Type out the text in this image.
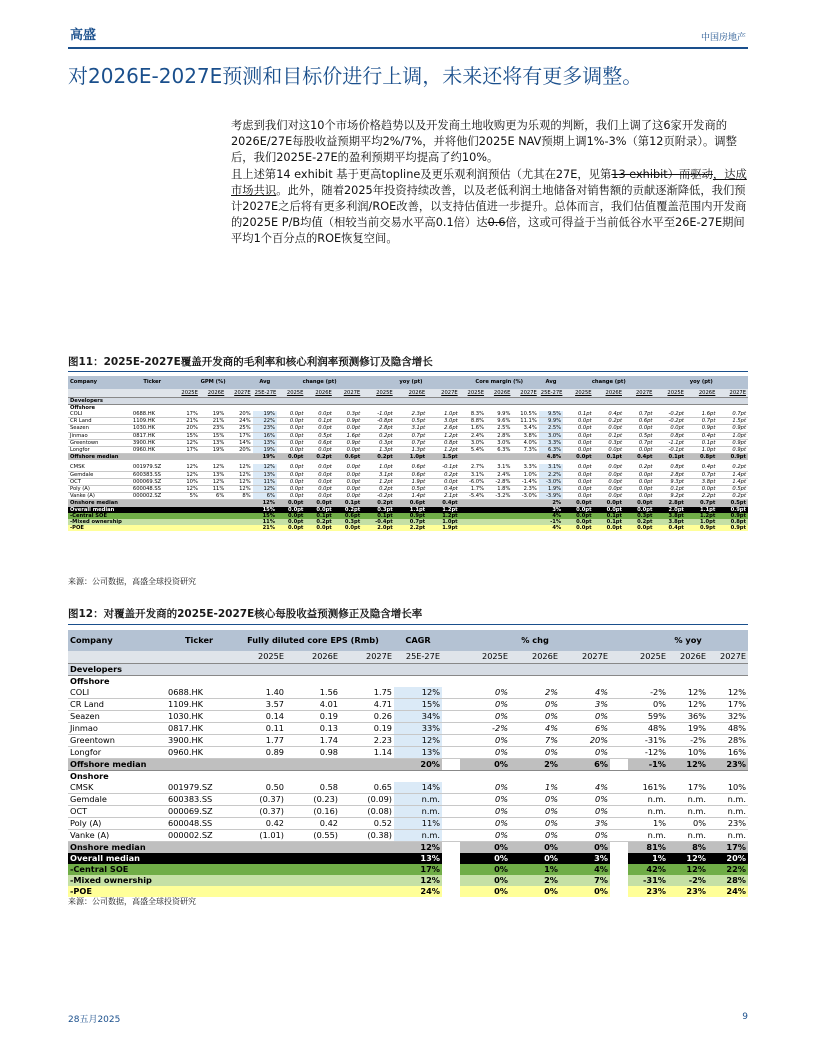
高盛	中国房地产
对2026E-2027E预测和目标价进行上调，未来还将有更多调整。
考虑到我们对这10个市场价格趋势以及开发商土地收购更为乐观的判断，我们上调了这6家开发商的2026E/27E每股收益预期平均2%/7%，并将他们2025E NAV预期上调1%-3%（第12页附录）。调整后，我们2025E-27E的盈利预期平均提高了约10%。
且上述第14 exhibit 基于更高topline及更乐观利润预估（尤其在27E，见第13 exhibit）而驱动，达成市场共识。此外，随着2025年投资持续改善，以及老低利润土地储备对销售额的贡献逐渐降低，我们预计2027E之后将有更多利润/ROE改善，以支持估值进一步提升。总体而言，我们估值覆盖范围内开发商的2025E P/B均值（相较当前交易水平高0.1倍）达0.6倍，这或可得益于当前低谷水平至26E-27E期间平均1个百分点的ROE恢复空间。
图11：2025E-2027E覆盖开发商的毛利率和核心利润率预测修订及隐含增长
Company	Ticker	GPM (%)			Avg	change (pt)			yoy (pt)			Core margin (%)			Avg	change (pt)			yoy (pt)		
		2025E	2026E	2027E	25E-27E	2025E	2026E	2027E	2025E	2026E	2027E	2025E	2026E	2027E	25E-27E	2025E	2026E	2027E	2025E	2026E	2027E
Developers																					
Offshore																					
COLI	0688.HK	17%	19%	20%	19%	0.0pt	0.0pt	0.3pt	-1.0pt	2.3pt	1.0pt	8.3%	9.9%	10.5%	9.5%	0.1pt	0.4pt	0.7pt	-0.2pt	1.6pt	0.7pt
CR Land	1109.HK	21%	21%	24%	22%	0.0pt	0.1pt	0.9pt	-0.8pt	0.5pt	3.0pt	8.8%	9.6%	11.1%	9.9%	0.0pt	0.2pt	0.6pt	-0.2pt	0.7pt	1.5pt
Seazen	1030.HK	20%	23%	25%	23%	0.0pt	0.0pt	0.0pt	2.8pt	3.1pt	2.6pt	1.6%	2.5%	3.4%	2.5%	0.0pt	0.0pt	0.0pt	0.0pt	0.9pt	0.9pt
Jinmao	0817.HK	15%	15%	17%	16%	0.0pt	0.5pt	1.6pt	0.2pt	0.7pt	1.2pt	2.4%	2.8%	3.8%	3.0%	0.0pt	0.1pt	0.5pt	0.8pt	0.4pt	1.0pt
Greentown	3900.HK	12%	13%	14%	13%	0.0pt	0.6pt	0.9pt	0.3pt	0.7pt	0.8pt	3.0%	3.0%	4.0%	3.3%	0.0pt	0.3pt	0.7pt	-1.1pt	0.1pt	0.9pt
Longfor	0960.HK	17%	19%	20%	19%	0.0pt	0.0pt	0.0pt	1.3pt	1.3pt	1.2pt	5.4%	6.3%	7.3%	6.3%	0.0pt	0.0pt	0.0pt	-0.1pt	1.0pt	0.9pt
Offshore median					19%	0.0pt	0.2pt	0.6pt	0.2pt	1.0pt	1.5pt				4.8%	0.0pt	0.1pt	0.4pt	0.1pt	0.8pt	0.9pt

CMSK	001979.SZ	12%	12%	12%	12%	0.0pt	0.0pt	0.0pt	1.0pt	0.6pt	-0.1pt	2.7%	3.1%	3.3%	3.1%	0.0pt	0.0pt	0.2pt	0.8pt	0.4pt	0.2pt
Gemdale	600383.SS	12%	13%	12%	13%	0.0pt	0.0pt	0.0pt	3.1pt	0.6pt	0.2pt	3.1%	2.4%	1.0%	2.2%	0.0pt	0.0pt	0.0pt	2.8pt	0.7pt	1.4pt
OCT	000069.SZ	10%	12%	12%	11%	0.0pt	0.0pt	0.0pt	1.2pt	1.9pt	0.0pt	-6.0%	-2.8%	-1.4%	-3.0%	0.0pt	0.0pt	0.0pt	9.3pt	3.8pt	1.4pt
Poly (A)	600048.SS	12%	11%	12%	12%	0.0pt	0.0pt	0.0pt	0.2pt	0.5pt	0.4pt	1.7%	1.8%	2.3%	1.9%	0.0pt	0.0pt	0.0pt	0.1pt	0.0pt	0.5pt
Vanke (A)	000002.SZ	5%	6%	8%	6%	0.0pt	0.0pt	0.0pt	-0.2pt	1.4pt	2.1pt	-5.4%	-3.2%	-3.0%	-3.9%	0.0pt	0.0pt	0.0pt	9.2pt	2.2pt	0.2pt
Onshore median					12%	0.0pt	0.0pt	0.1pt	0.2pt	0.6pt	0.4pt				2%	0.0pt	0.0pt	0.0pt	2.8pt	0.7pt	0.5pt
Overall median					15%	0.0pt	0.0pt	0.2pt	0.3pt	1.1pt	1.2pt				3%	0.0pt	0.0pt	0.0pt	2.0pt	1.1pt	0.9pt
-Central SOE					15%	0.0pt	0.1pt	0.6pt	0.1pt	0.9pt	1.2pt				4%	0.0pt	0.1pt	0.3pt	3.8pt	1.2pt	0.9pt
-Mixed ownership					11%	0.0pt	0.2pt	0.3pt	-0.4pt	0.7pt	1.0pt				-1%	0.0pt	0.1pt	0.2pt	3.8pt	1.0pt	0.8pt
-POE					21%	0.0pt	0.0pt	0.0pt	2.0pt	2.2pt	1.9pt				4%	0.0pt	0.0pt	0.0pt	0.4pt	0.9pt	0.9pt
来源：公司数据，高盛全球投资研究
图12：对覆盖开发商的2025E-2027E核心每股收益预测修正及隐含增长率
Company	Ticker	Fully diluted core EPS (Rmb)			CAGR		% chg				% yoy		
		2025E	2026E	2027E	25E-27E		2025E	2026E	2027E		2025E	2026E	2027E
Developers													
Offshore													
COLI	0688.HK	1.40	1.56	1.75	12%		0%	2%	4%		-2%	12%	12%
CR Land	1109.HK	3.57	4.01	4.71	15%		0%	0%	3%		0%	12%	17%
Seazen	1030.HK	0.14	0.19	0.26	34%		0%	0%	0%		59%	36%	32%
Jinmao	0817.HK	0.11	0.13	0.19	33%		-2%	4%	6%		48%	19%	48%
Greentown	3900.HK	1.77	1.74	2.23	12%		0%	7%	20%		-31%	-2%	28%
Longfor	0960.HK	0.89	0.98	1.14	13%		0%	0%	0%		-12%	10%	16%
Offshore median					20%		0%	2%	6%		-1%	12%	23%
Onshore													
CMSK	001979.SZ	0.50	0.58	0.65	14%		0%	1%	4%		161%	17%	10%
Gemdale	600383.SS	(0.37)	(0.23)	(0.09)	n.m.		0%	0%	0%		n.m.	n.m.	n.m.
OCT	000069.SZ	(0.37)	(0.16)	(0.08)	n.m.		0%	0%	0%		n.m.	n.m.	n.m.
Poly (A)	600048.SS	0.42	0.42	0.52	11%		0%	0%	3%		1%	0%	23%
Vanke (A)	000002.SZ	(1.01)	(0.55)	(0.38)	n.m.		0%	0%	0%		n.m.	n.m.	n.m.
Onshore median					12%		0%	0%	0%		81%	8%	17%
Overall median					13%		0%	0%	3%		1%	12%	20%
-Central SOE					17%		0%	1%	4%		42%	12%	22%
-Mixed ownership					12%		0%	2%	7%		-31%	-2%	28%
-POE					24%		0%	0%	0%		23%	23%	24%
来源：公司数据，高盛全球投资研究
28五月2025	9
